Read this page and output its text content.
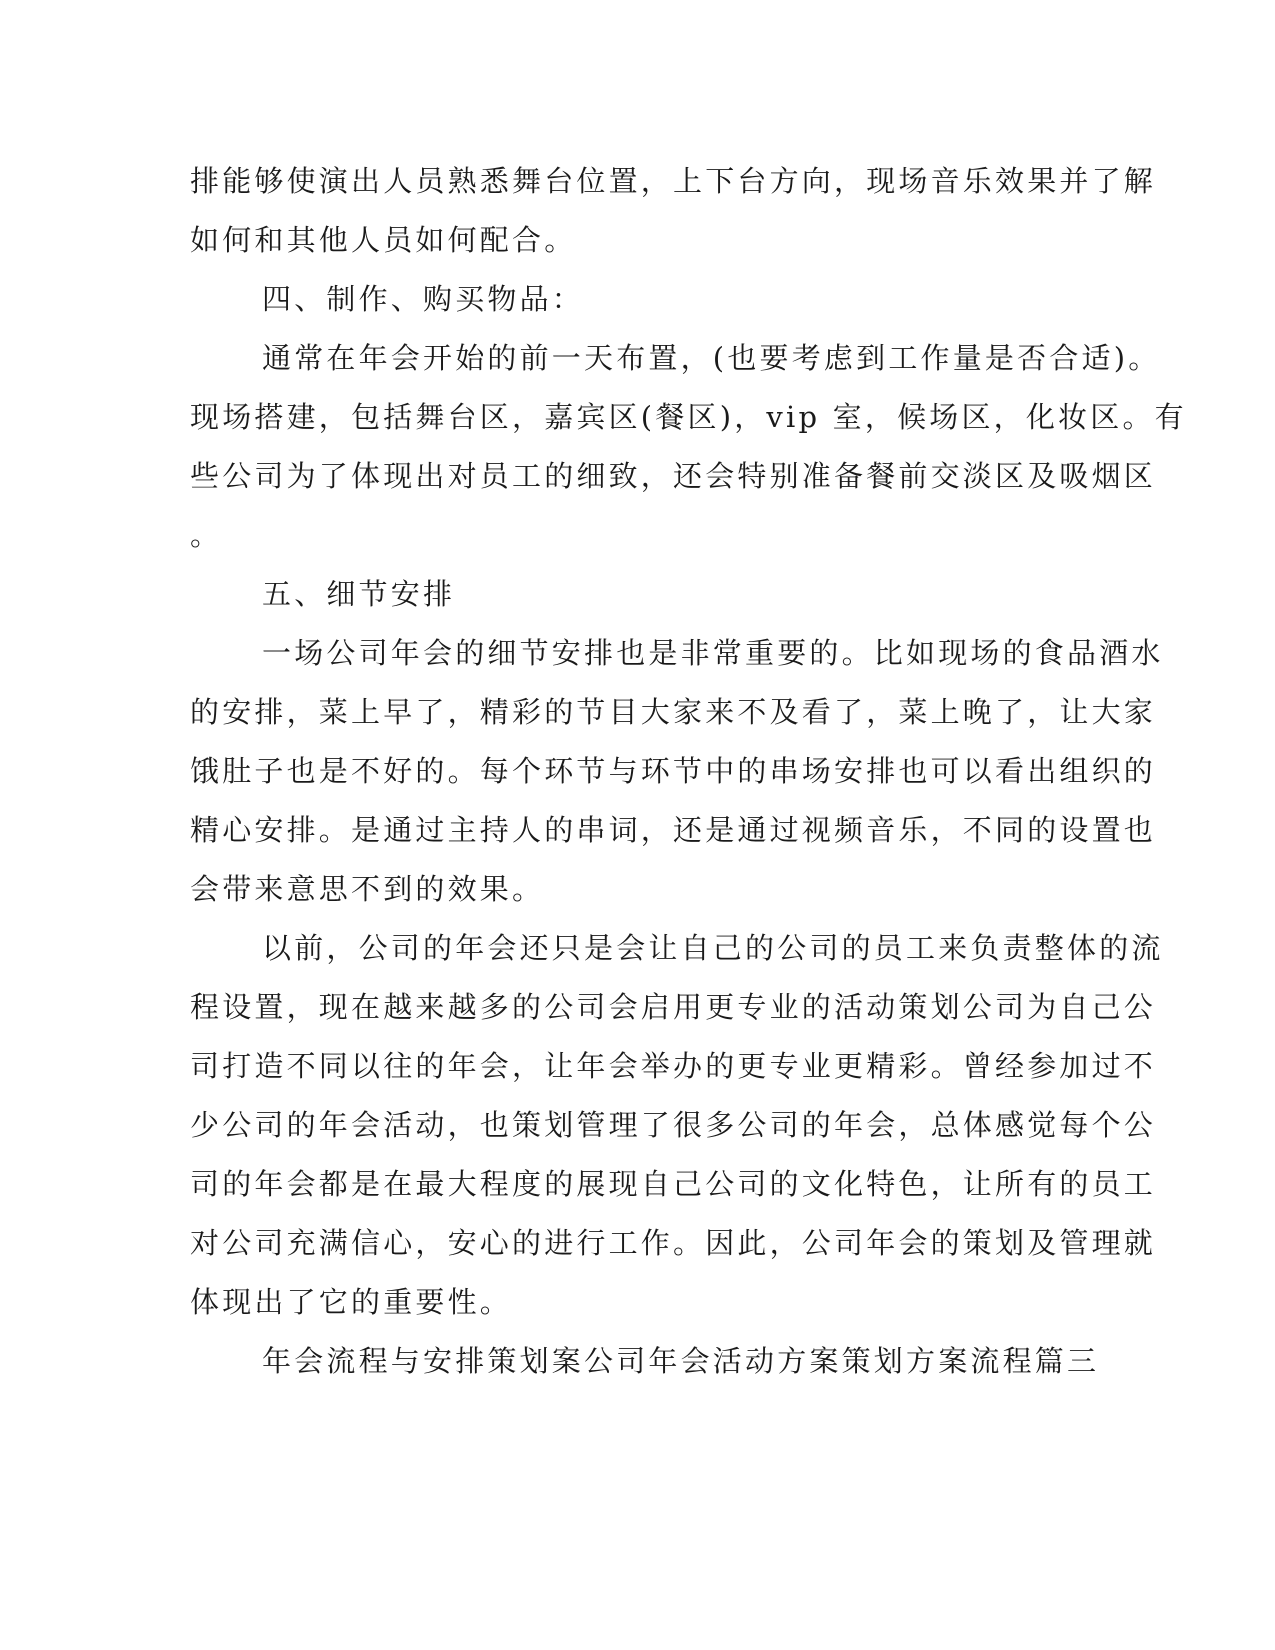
排能够使演出人员熟悉舞台位置，上下台方向，现场音乐效果并了解
如何和其他人员如何配合。
四、制作、购买物品：
通常在年会开始的前一天布置，(也要考虑到工作量是否合适)。
现场搭建，包括舞台区，嘉宾区(餐区)，vip 室，候场区，化妆区。有
些公司为了体现出对员工的细致，还会特别准备餐前交淡区及吸烟区
。
五、细节安排
一场公司年会的细节安排也是非常重要的。比如现场的食品酒水
的安排，菜上早了，精彩的节目大家来不及看了，菜上晚了，让大家
饿肚子也是不好的。每个环节与环节中的串场安排也可以看出组织的
精心安排。是通过主持人的串词，还是通过视频音乐，不同的设置也
会带来意思不到的效果。
以前，公司的年会还只是会让自己的公司的员工来负责整体的流
程设置，现在越来越多的公司会启用更专业的活动策划公司为自己公
司打造不同以往的年会，让年会举办的更专业更精彩。曾经参加过不
少公司的年会活动，也策划管理了很多公司的年会，总体感觉每个公
司的年会都是在最大程度的展现自己公司的文化特色，让所有的员工
对公司充满信心，安心的进行工作。因此，公司年会的策划及管理就
体现出了它的重要性。
年会流程与安排策划案公司年会活动方案策划方案流程篇三
